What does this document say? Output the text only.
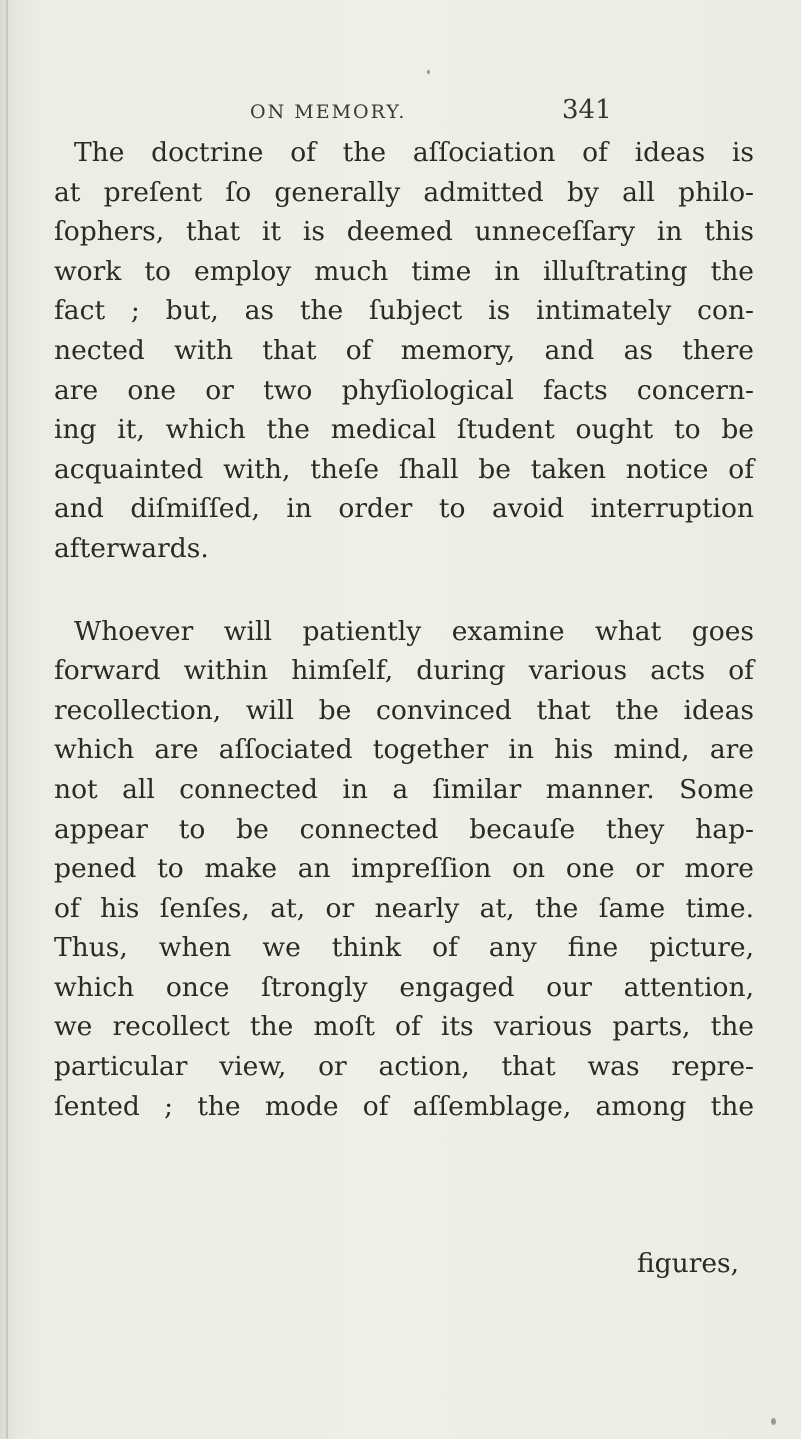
ON MEMORY.	341
The doctrine of the aſſociation of ideas is
at preſent ſo generally admitted by all philo-
ſophers, that it is deemed unneceſſary in this
work to employ much time in illuſtrating the
fact ; but, as the ſubject is intimately con-
nected with that of memory, and as there
are one or two phyſiological facts concern-
ing it, which the medical ſtudent ought to be
acquainted with, theſe ſhall be taken notice of
and diſmiſſed, in order to avoid interruption
afterwards.
Whoever will patiently examine what goes
forward within himſelf, during various acts of
recollection, will be convinced that the ideas
which are aſſociated together in his mind, are
not all connected in a ſimilar manner. Some
appear to be connected becauſe they hap-
pened to make an impreſſion on one or more
of his ſenſes, at, or nearly at, the ſame time.
Thus, when we think of any fine picture,
which once ſtrongly engaged our attention,
we recollect the moſt of its various parts, the
particular view, or action, that was repre-
ſented ; the mode of aſſemblage, among the
figures,
